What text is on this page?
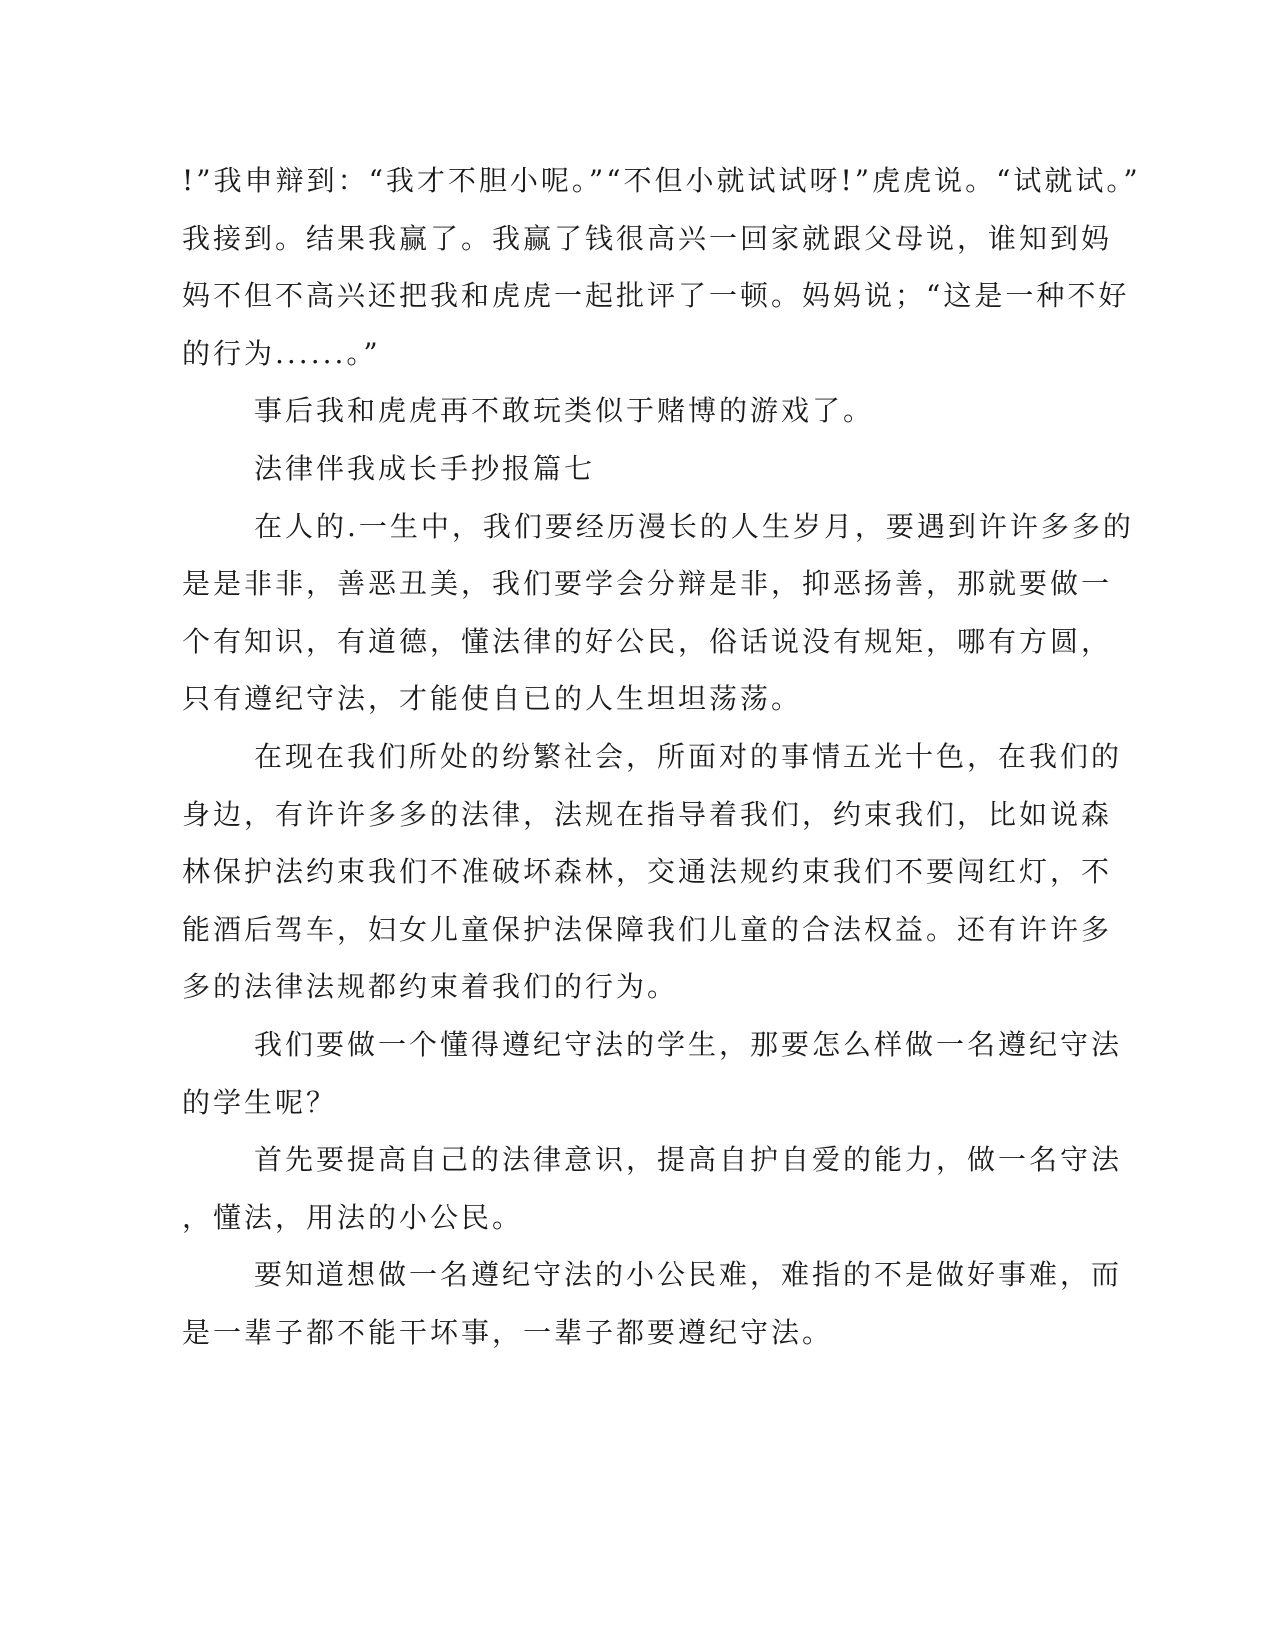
!”我申辩到：“我才不胆小呢。”“不但小就试试呀!”虎虎说。“试就试。”
我接到。结果我赢了。我赢了钱很高兴一回家就跟父母说，谁知到妈
妈不但不高兴还把我和虎虎一起批评了一顿。妈妈说；“这是一种不好
的行为......。”
事后我和虎虎再不敢玩类似于赌博的游戏了。
法律伴我成长手抄报篇七
在人的.一生中，我们要经历漫长的人生岁月，要遇到许许多多的
是是非非，善恶丑美，我们要学会分辩是非，抑恶扬善，那就要做一
个有知识，有道德，懂法律的好公民，俗话说没有规矩，哪有方圆，
只有遵纪守法，才能使自已的人生坦坦荡荡。
在现在我们所处的纷繁社会，所面对的事情五光十色，在我们的
身边，有许许多多的法律，法规在指导着我们，约束我们，比如说森
林保护法约束我们不准破坏森林，交通法规约束我们不要闯红灯，不
能酒后驾车，妇女儿童保护法保障我们儿童的合法权益。还有许许多
多的法律法规都约束着我们的行为。
我们要做一个懂得遵纪守法的学生，那要怎么样做一名遵纪守法
的学生呢？
首先要提高自己的法律意识，提高自护自爱的能力，做一名守法
，懂法，用法的小公民。
要知道想做一名遵纪守法的小公民难，难指的不是做好事难，而
是一辈子都不能干坏事，一辈子都要遵纪守法。
